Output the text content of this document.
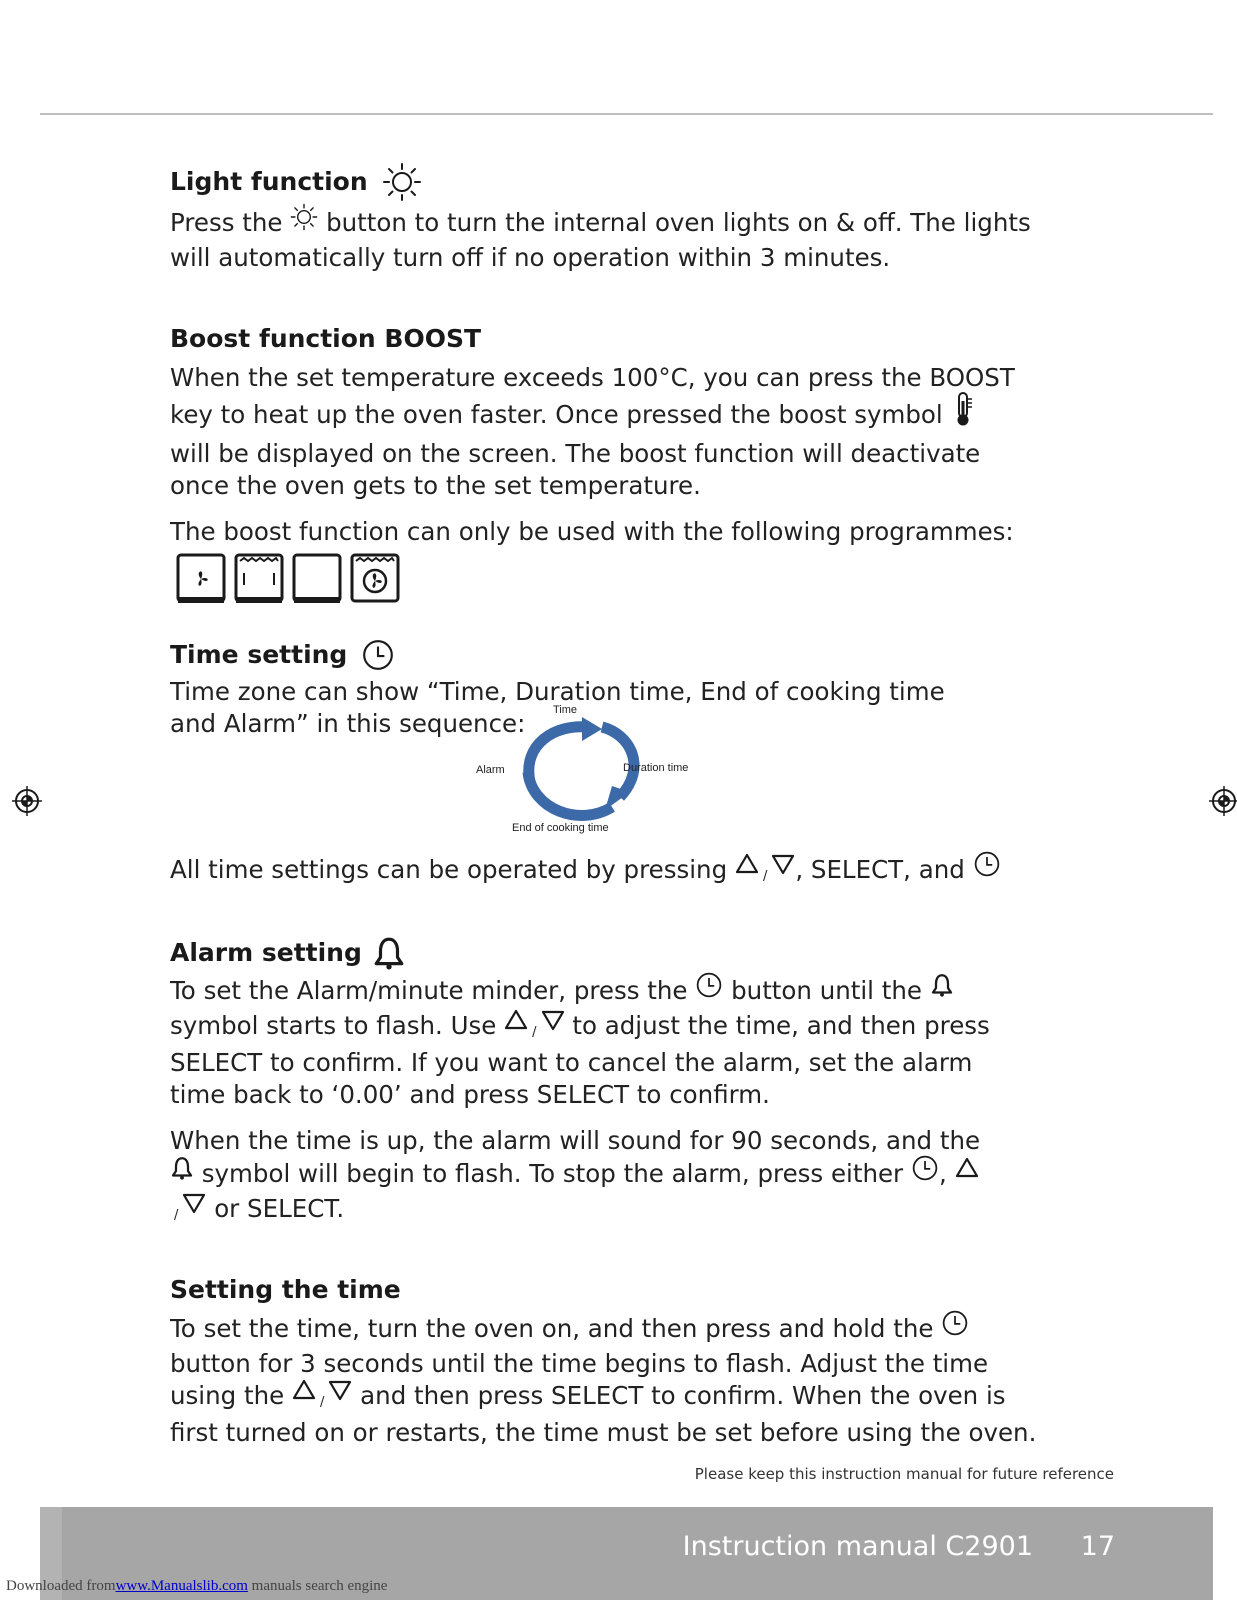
Light function

Press the button to turn the internal oven lights on & off. The lights will automatically turn off if no operation within 3 minutes.

Boost function BOOST

When the set temperature exceeds 100°C, you can press the BOOST key to heat up the oven faster. Once pressed the boost symbol  will be displayed on the screen. The boost function will deactivate once the oven gets to the set temperature.

The boost function can only be used with the following programmes:

Time setting

Time zone can show “Time, Duration time, End of cooking time and Alarm” in this sequence:	Time
Duration time
End of cooking time
Alarm

All time settings can be operated by pressing	/ , SELECT, and

Alarm setting

To set the Alarm/minute minder, press the button until the  symbol starts to flash. Use	/ to adjust the time, and then press SELECT to confirm. If you want to cancel the alarm, set the alarm time back to ‘0.00’ and press SELECT to confirm.

When the time is up, the alarm will sound for 90 seconds, and the  symbol will begin to flash. To stop the alarm, press either , / or SELECT.

Setting the time

To set the time, turn the oven on, and then press and hold the  button for 3 seconds until the time begins to flash. Adjust the time using the	/ and then press SELECT to confirm. When the oven is first turned on or restarts, the time must be set before using the oven.

Please keep this instruction manual for future reference
Instruction manual C2901 17
Downloaded fromwww.Manualslib.com manuals search engine
